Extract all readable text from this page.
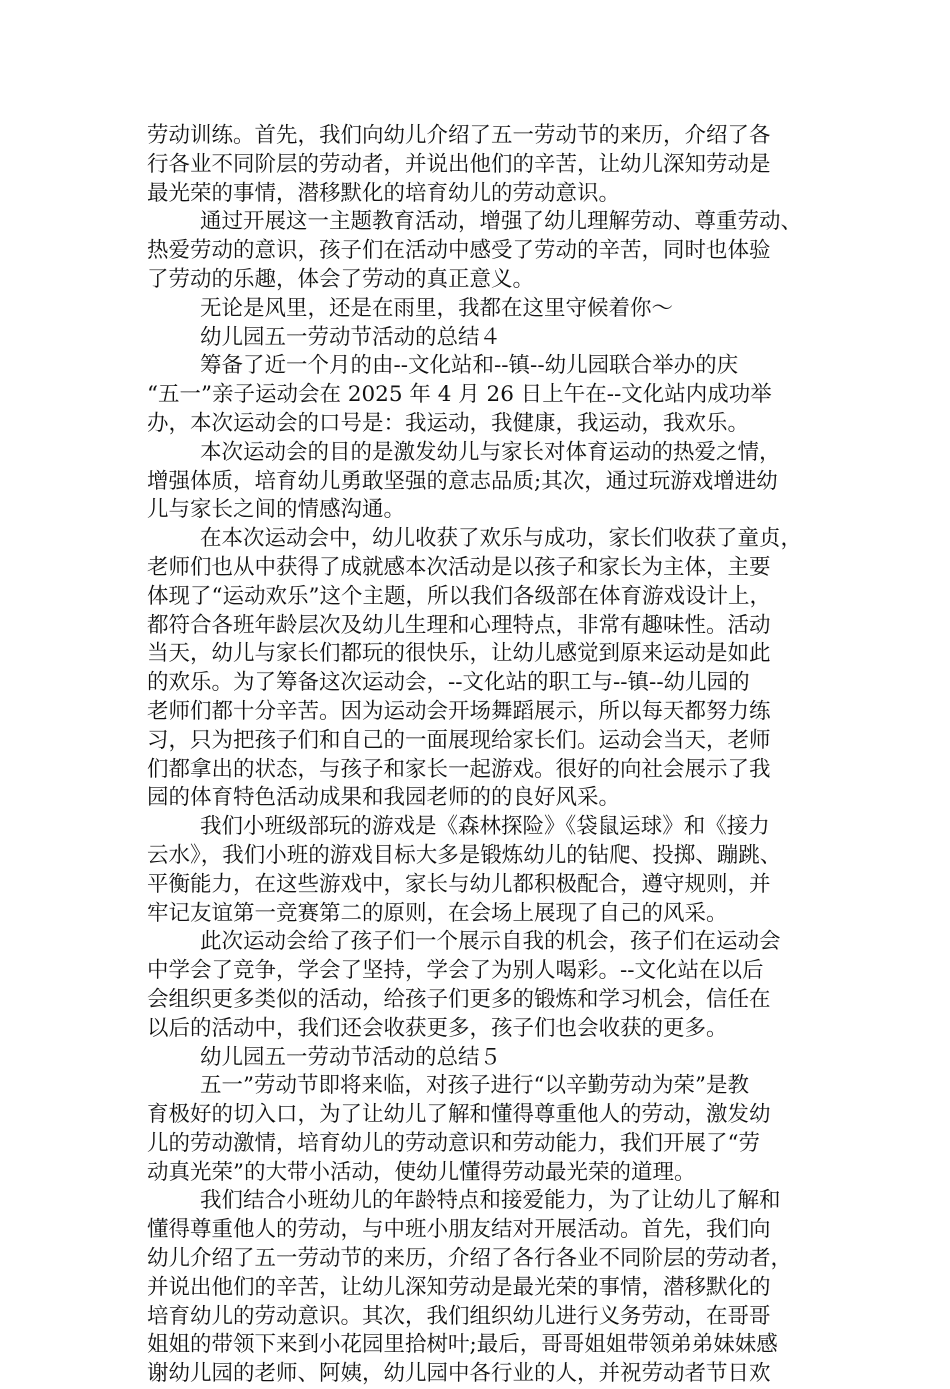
劳动训练。首先，我们向幼儿介绍了五一劳动节的来历，介绍了各
行各业不同阶层的劳动者，并说出他们的辛苦，让幼儿深知劳动是
最光荣的事情，潜移默化的培育幼儿的劳动意识。
通过开展这一主题教育活动，增强了幼儿理解劳动、尊重劳动、
热爱劳动的意识，孩子们在活动中感受了劳动的辛苦，同时也体验
了劳动的乐趣，体会了劳动的真正意义。
无论是风里，还是在雨里，我都在这里守候着你～
幼儿园五一劳动节活动的总结４
筹备了近一个月的由--文化站和--镇--幼儿园联合举办的庆
“五一”亲子运动会在 2025 年 4 月 26 日上午在--文化站内成功举
办，本次运动会的口号是：我运动，我健康，我运动，我欢乐。
本次运动会的目的是激发幼儿与家长对体育运动的热爱之情，
增强体质，培育幼儿勇敢坚强的意志品质;其次，通过玩游戏增进幼
儿与家长之间的情感沟通。
在本次运动会中，幼儿收获了欢乐与成功，家长们收获了童贞，
老师们也从中获得了成就感本次活动是以孩子和家长为主体，主要
体现了“运动欢乐”这个主题，所以我们各级部在体育游戏设计上，
都符合各班年龄层次及幼儿生理和心理特点，非常有趣味性。活动
当天，幼儿与家长们都玩的很快乐，让幼儿感觉到原来运动是如此
的欢乐。为了筹备这次运动会，--文化站的职工与--镇--幼儿园的
老师们都十分辛苦。因为运动会开场舞蹈展示，所以每天都努力练
习，只为把孩子们和自己的一面展现给家长们。运动会当天，老师
们都拿出的状态，与孩子和家长一起游戏。很好的向社会展示了我
园的体育特色活动成果和我园老师的的良好风采。
我们小班级部玩的游戏是《森林探险》《袋鼠运球》和《接力
云水》，我们小班的游戏目标大多是锻炼幼儿的钻爬、投掷、蹦跳、
平衡能力，在这些游戏中，家长与幼儿都积极配合，遵守规则，并
牢记友谊第一竞赛第二的原则，在会场上展现了自己的风采。
此次运动会给了孩子们一个展示自我的机会，孩子们在运动会
中学会了竞争，学会了坚持，学会了为别人喝彩。--文化站在以后
会组织更多类似的活动，给孩子们更多的锻炼和学习机会，信任在
以后的活动中，我们还会收获更多，孩子们也会收获的更多。
幼儿园五一劳动节活动的总结５
五一”劳动节即将来临，对孩子进行“以辛勤劳动为荣”是教
育极好的切入口，为了让幼儿了解和懂得尊重他人的劳动，激发幼
儿的劳动激情，培育幼儿的劳动意识和劳动能力，我们开展了“劳
动真光荣”的大带小活动，使幼儿懂得劳动最光荣的道理。
我们结合小班幼儿的年龄特点和接爱能力，为了让幼儿了解和
懂得尊重他人的劳动，与中班小朋友结对开展活动。首先，我们向
幼儿介绍了五一劳动节的来历，介绍了各行各业不同阶层的劳动者，
并说出他们的辛苦，让幼儿深知劳动是最光荣的事情，潜移默化的
培育幼儿的劳动意识。其次，我们组织幼儿进行义务劳动，在哥哥
姐姐的带领下来到小花园里拾树叶;最后，哥哥姐姐带领弟弟妹妹感
谢幼儿园的老师、阿姨，幼儿园中各行业的人，并祝劳动者节日欢
